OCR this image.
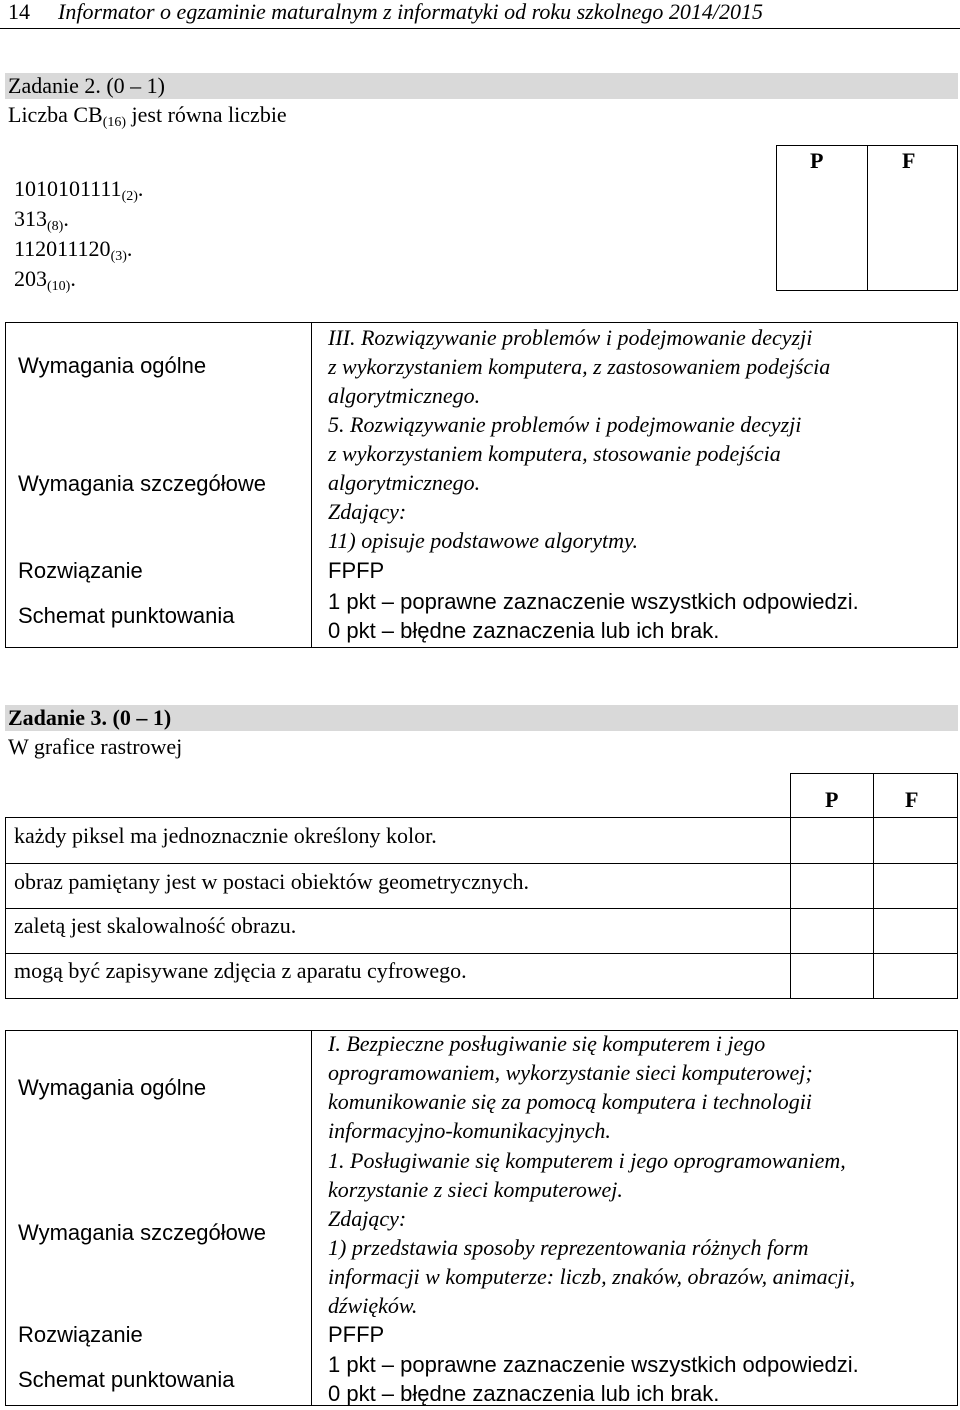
14 Informator o egzaminie maturalnym z informatyki od roku szkolnego 2014/2015
Zadanie 2. (0 – 1)
Liczba $CB_{(16)}$ jest równa liczbie
P	F
$1010101111_{(2)}$.
$313_{(8)}$.
$112011120_{(3)}$.
$203_{(10)}$.
Wymagania ogólne
Wymagania szczegółowe
Rozwiązanie
Schemat punktowania
III. Rozwiązywanie problemów i podejmowanie decyzji
z wykorzystaniem komputera, z zastosowaniem podejścia
algorytmicznego.
5. Rozwiązywanie problemów i podejmowanie decyzji
z wykorzystaniem komputera, stosowanie podejścia
algorytmicznego.
Zdający:
11) opisuje podstawowe algorytmy.
FPFP
1 pkt – poprawne zaznaczenie wszystkich odpowiedzi.
0 pkt – błędne zaznaczenia lub ich brak.
Zadanie 3. (0 – 1)
W grafice rastrowej
P	F
każdy piksel ma jednoznacznie określony kolor.
obraz pamiętany jest w postaci obiektów geometrycznych.
zaletą jest skalowalność obrazu.
mogą być zapisywane zdjęcia z aparatu cyfrowego.
Wymagania ogólne
Wymagania szczegółowe
Rozwiązanie
Schemat punktowania
I. Bezpieczne posługiwanie się komputerem i jego
oprogramowaniem, wykorzystanie sieci komputerowej;
komunikowanie się za pomocą komputera i technologii
informacyjno-komunikacyjnych.
1. Posługiwanie się komputerem i jego oprogramowaniem,
korzystanie z sieci komputerowej.
Zdający:
1) przedstawia sposoby reprezentowania różnych form
informacji w komputerze: liczb, znaków, obrazów, animacji,
dźwięków.
PFFP
1 pkt – poprawne zaznaczenie wszystkich odpowiedzi.
0 pkt – błędne zaznaczenia lub ich brak.
